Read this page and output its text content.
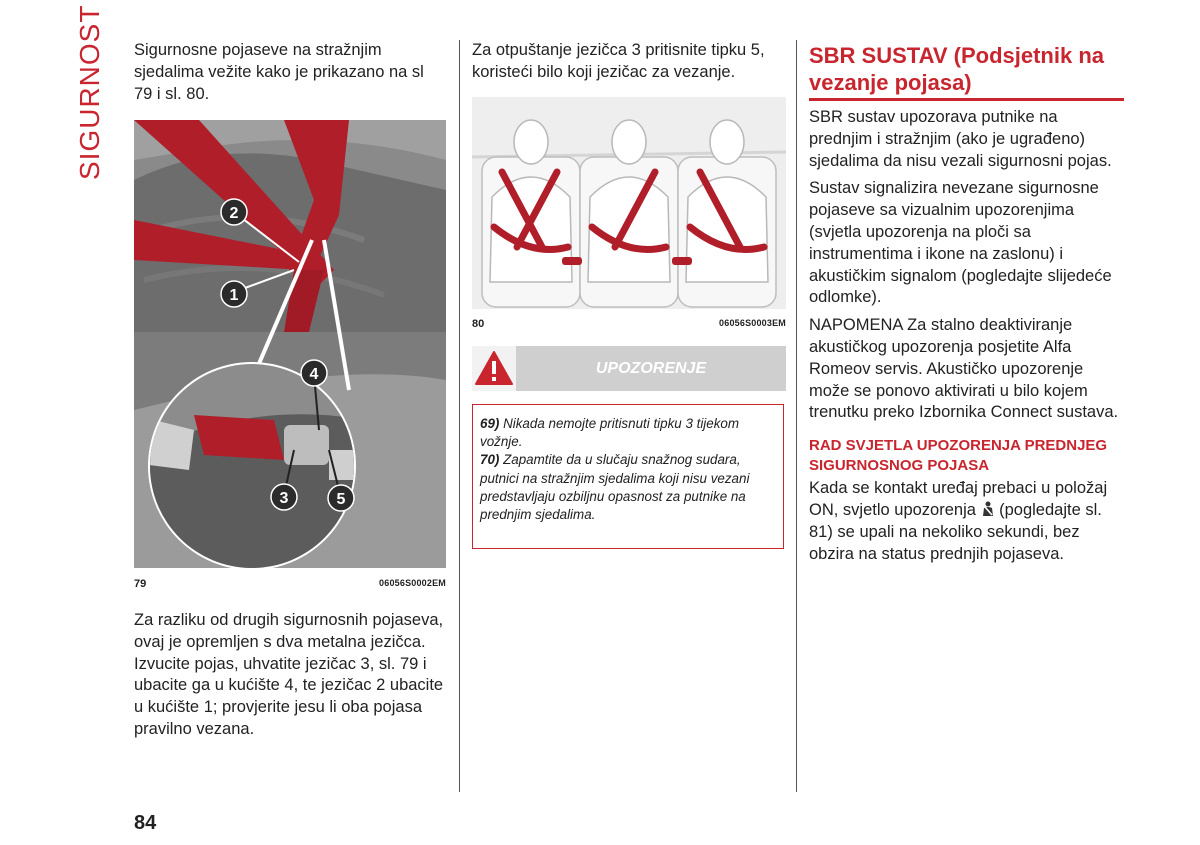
SIGURNOST Sigurnosne pojaseve na stražnjim sjedalima vežite kako je prikazano na sl 79 i sl. 80.

2
1
4
3	5
79	06056S0002EM

Za razliku od drugih sigurnosnih pojaseva, ovaj je opremljen s dva metalna jezičca. Izvucite pojas, uhvatite jezičac 3, sl. 79 i ubacite ga u kućište 4, te jezičac 2 ubacite u kućište 1; provjerite jesu li oba pojasa pravilno vezana.

Za otpuštanje jezičca 3 pritisnite tipku 5, koristeći bilo koji jezičac za vezanje.

80	06056S0003EM
UPOZORENJE

69) Nikada nemojte pritisnuti tipku 3 tijekom vožnje.

70) Zapamtite da u slučaju snažnog sudara, putnici na stražnjim sjedalima koji nisu vezani predstavljaju ozbiljnu opasnost za putnike na prednjim sjedalima.

SBR SUSTAV (Podsjetnik na vezanje pojasa)

SBR sustav upozorava putnike na prednjim i stražnjim (ako je ugrađeno) sjedalima da nisu vezali sigurnosni pojas.

Sustav signalizira nevezane sigurnosne pojaseve sa vizualnim upozorenjima (svjetla upozorenja na ploči sa instrumentima i ikone na zaslonu) i akustičkim signalom (pogledajte slijedeće odlomke).

NAPOMENA Za stalno deaktiviranje akustičkog upozorenja posjetite Alfa Romeov servis. Akustičko upozorenje može se ponovo aktivirati u bilo kojem trenutku preko Izbornika Connect sustava.

RAD SVJETLA UPOZORENJA PREDNJEG SIGURNOSNOG POJASA

Kada se kontakt uređaj prebaci u položaj ON, svjetlo upozorenja (pogledajte sl. 81) se upali na nekoliko sekundi, bez obzira na status prednjih pojaseva.

84
